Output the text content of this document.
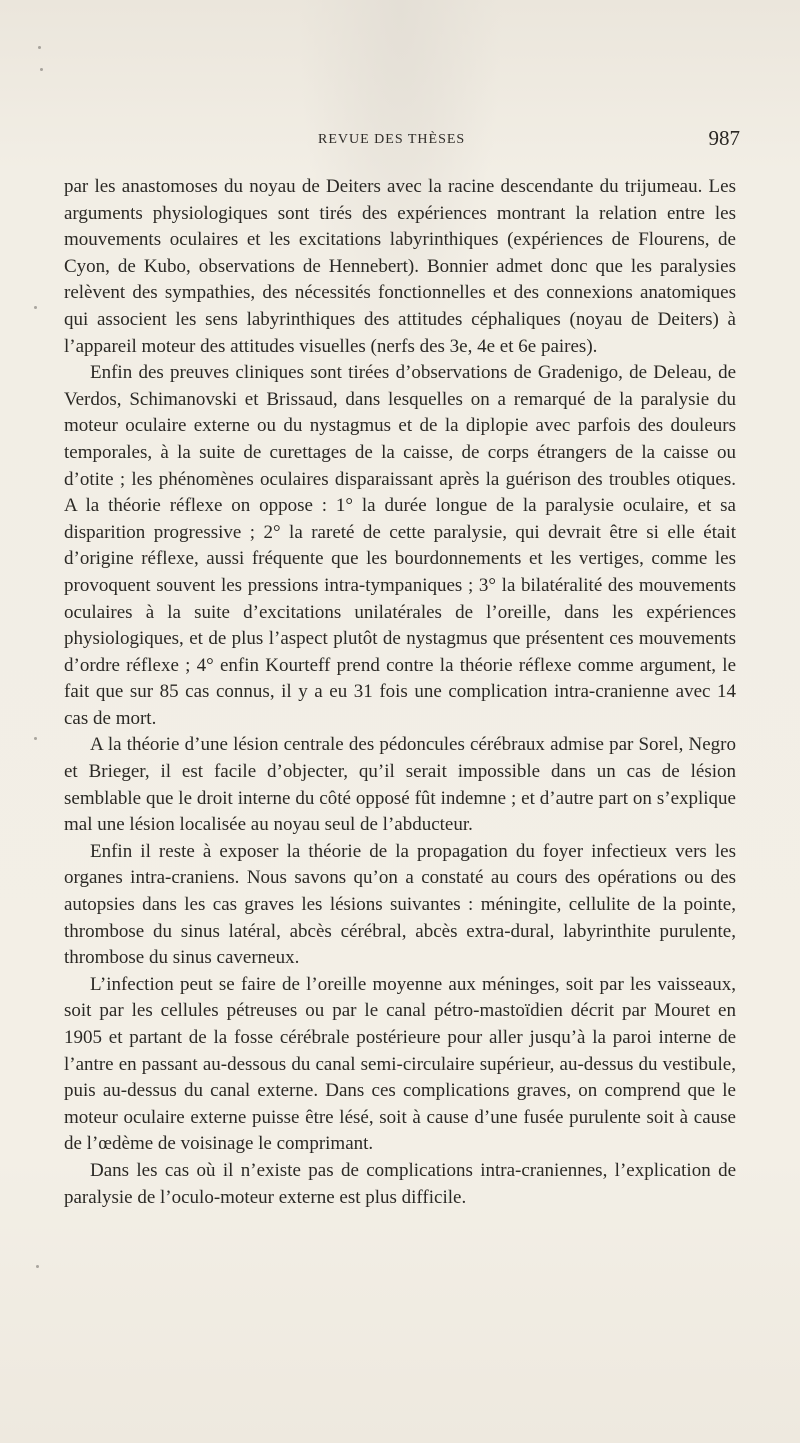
REVUE DES THÈSES	987

par les anastomoses du noyau de Deiters avec la racine descendante du trijumeau. Les arguments physiologiques sont tirés des expériences montrant la relation entre les mouvements oculaires et les excitations labyrinthiques (expériences de Flourens, de Cyon, de Kubo, observations de Hennebert). Bonnier admet donc que les paralysies relèvent des sympathies, des nécessités fonctionnelles et des connexions anatomiques qui associent les sens labyrinthiques des attitudes céphaliques (noyau de Deiters) à l’appareil moteur des attitudes visuelles (nerfs des 3e, 4e et 6e paires).

Enfin des preuves cliniques sont tirées d’observations de Gradenigo, de Deleau, de Verdos, Schimanovski et Brissaud, dans lesquelles on a remarqué de la paralysie du moteur oculaire externe ou du nystagmus et de la diplopie avec parfois des douleurs temporales, à la suite de curettages de la caisse, de corps étrangers de la caisse ou d’otite ; les phénomènes oculaires disparaissant après la guérison des troubles otiques. A la théorie réflexe on oppose : 1° la durée longue de la paralysie oculaire, et sa disparition progressive ; 2° la rareté de cette paralysie, qui devrait être si elle était d’origine réflexe, aussi fréquente que les bourdonnements et les vertiges, comme les provoquent souvent les pressions intra-tympaniques ; 3° la bilatéralité des mouvements oculaires à la suite d’excitations unilatérales de l’oreille, dans les expériences physiologiques, et de plus l’aspect plutôt de nystagmus que présentent ces mouvements d’ordre réflexe ; 4° enfin Kourteff prend contre la théorie réflexe comme argument, le fait que sur 85 cas connus, il y a eu 31 fois une complication intra-cranienne avec 14 cas de mort.

A la théorie d’une lésion centrale des pédoncules cérébraux admise par Sorel, Negro et Brieger, il est facile d’objecter, qu’il serait impossible dans un cas de lésion semblable que le droit interne du côté opposé fût indemne ; et d’autre part on s’explique mal une lésion localisée au noyau seul de l’abducteur.

Enfin il reste à exposer la théorie de la propagation du foyer infectieux vers les organes intra-craniens. Nous savons qu’on a constaté au cours des opérations ou des autopsies dans les cas graves les lésions suivantes : méningite, cellulite de la pointe, thrombose du sinus latéral, abcès cérébral, abcès extra-dural, labyrinthite purulente, thrombose du sinus caverneux.

L’infection peut se faire de l’oreille moyenne aux méninges, soit par les vaisseaux, soit par les cellules pétreuses ou par le canal pétro-mastoïdien décrit par Mouret en 1905 et partant de la fosse cérébrale postérieure pour aller jusqu’à la paroi interne de l’antre en passant au-dessous du canal semi-circulaire supérieur, au-dessus du vestibule, puis au-dessus du canal externe. Dans ces complications graves, on comprend que le moteur oculaire externe puisse être lésé, soit à cause d’une fusée purulente soit à cause de l’œdème de voisinage le comprimant.

Dans les cas où il n’existe pas de complications intra-craniennes, l’explication de paralysie de l’oculo-moteur externe est plus difficile.
